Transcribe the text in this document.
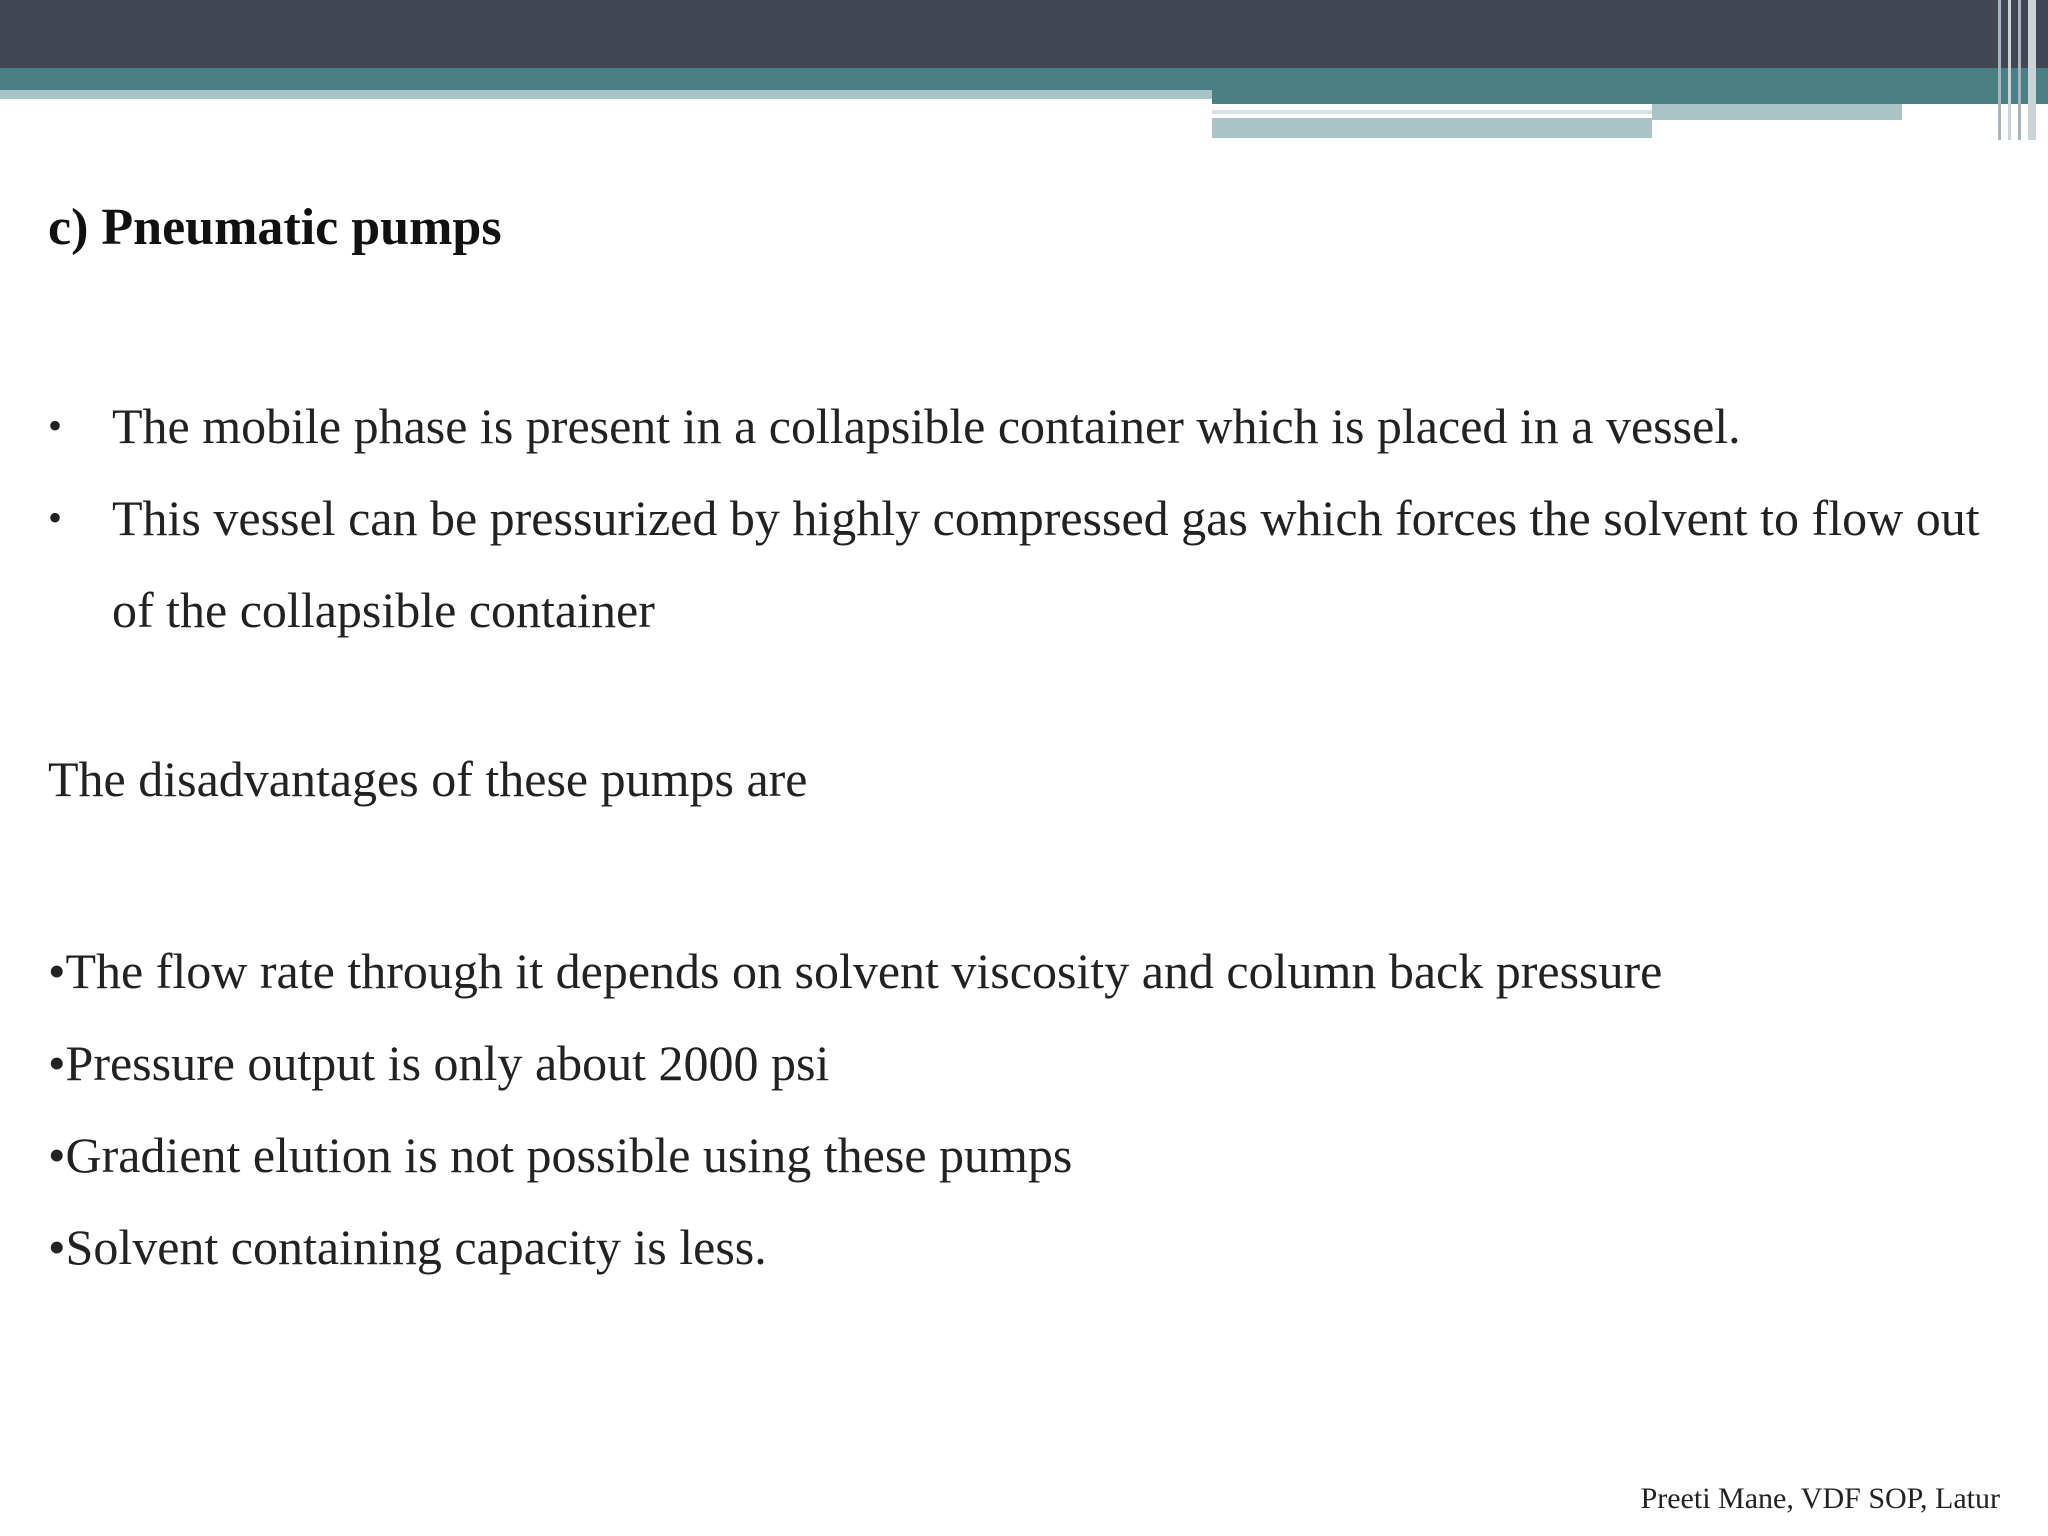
c) Pneumatic pumps
• The mobile phase is present in a collapsible container which is placed in a vessel.
• This vessel can be pressurized by highly compressed gas which forces the solvent to flow out of the collapsible container

The disadvantages of these pumps are

•The flow rate through it depends on solvent viscosity and column back pressure
•Pressure output is only about 2000 psi
•Gradient elution is not possible using these pumps
•Solvent containing capacity is less.
Preeti Mane, VDF SOP, Latur
